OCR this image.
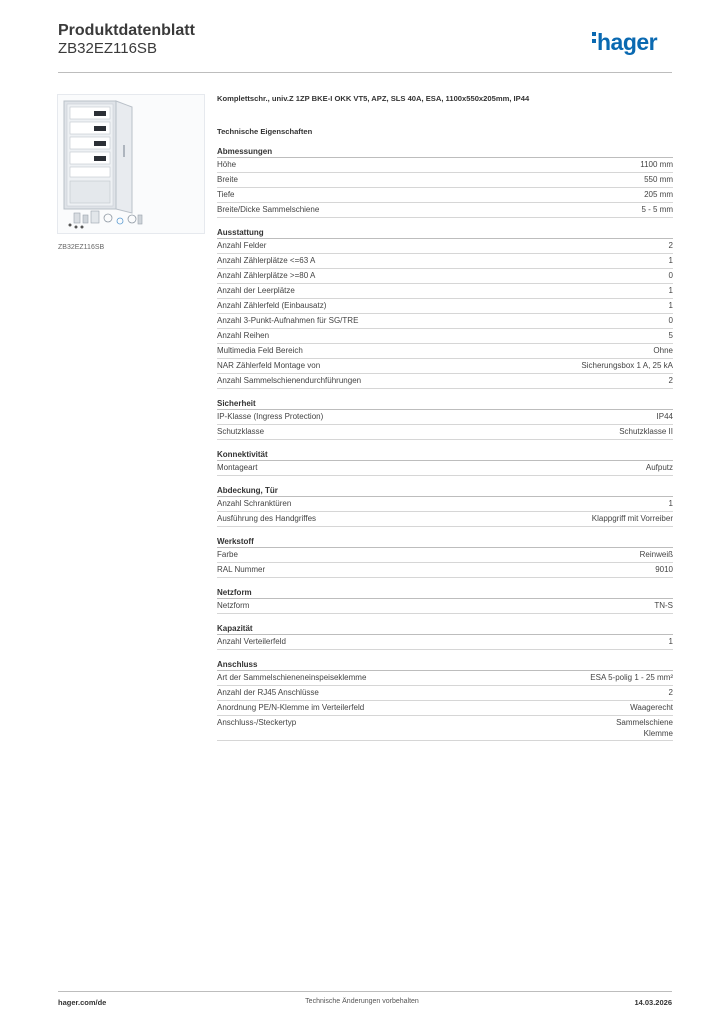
Produktdatenblatt
ZB32EZ116SB	hager
ZB32EZ116SB
Komplettschr., univ.Z 1ZP BKE-I OKK VT5, APZ, SLS 40A, ESA, 1100x550x205mm, IP44
Technische Eigenschaften
Abmessungen
Höhe	1100 mm
Breite	550 mm
Tiefe	205 mm
Breite/Dicke Sammelschiene	5 - 5 mm
Ausstattung
Anzahl Felder	2
Anzahl Zählerplätze <=63 A	1
Anzahl Zählerplätze >=80 A	0
Anzahl der Leerplätze	1
Anzahl Zählerfeld (Einbausatz)	1
Anzahl 3-Punkt-Aufnahmen für SG/TRE	0
Anzahl Reihen	5
Multimedia Feld Bereich	Ohne
NAR Zählerfeld Montage von	Sicherungsbox 1 A, 25 kA
Anzahl Sammelschienendurchführungen	2
Sicherheit
IP-Klasse (Ingress Protection)	IP44
Schutzklasse	Schutzklasse II
Konnektivität
Montageart	Aufputz
Abdeckung, Tür
Anzahl Schranktüren	1
Ausführung des Handgriffes	Klappgriff mit Vorreiber
Werkstoff
Farbe	Reinweiß
RAL Nummer	9010
Netzform
Netzform	TN-S
Kapazität
Anzahl Verteilerfeld	1
Anschluss
Art der Sammelschieneneinspeiseklemme	ESA 5-polig 1 - 25 mm²
Anzahl der RJ45 Anschlüsse	2
Anordnung PE/N-Klemme im Verteilerfeld	Waagerecht
Anschluss-/Steckertyp	Sammelschiene Klemme
hager.com/de	Technische Änderungen vorbehalten	14.03.2026
